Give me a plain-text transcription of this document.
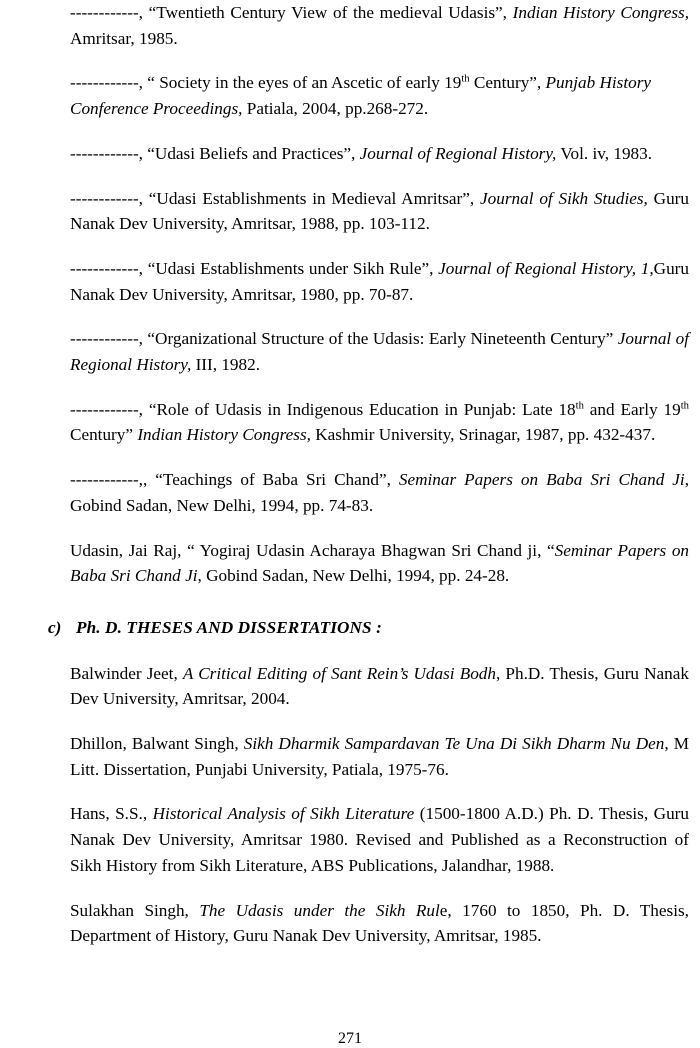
------------, “Twentieth Century View of the medieval Udasis”, Indian History Congress, Amritsar, 1985.

------------, “ Society in the eyes of an Ascetic of early 19th Century”, Punjab History
Conference Proceedings, Patiala, 2004, pp.268-272.

------------, “Udasi Beliefs and Practices”, Journal of Regional History, Vol. iv, 1983.

------------, “Udasi Establishments in Medieval Amritsar”, Journal of Sikh Studies, Guru Nanak Dev University, Amritsar, 1988, pp. 103-112.

------------, “Udasi Establishments under Sikh Rule”, Journal of Regional History, 1,Guru Nanak Dev University, Amritsar, 1980, pp. 70-87.

------------, “Organizational Structure of the Udasis: Early Nineteenth Century” Journal of Regional History, III, 1982.

------------, “Role of Udasis in Indigenous Education in Punjab: Late 18th and Early 19th Century” Indian History Congress, Kashmir University, Srinagar, 1987, pp. 432-437.

------------,, “Teachings of Baba Sri Chand”, Seminar Papers on Baba Sri Chand Ji, Gobind Sadan, New Delhi, 1994, pp. 74-83.

Udasin, Jai Raj, “ Yogiraj Udasin Acharaya Bhagwan Sri Chand ji, “Seminar Papers on Baba Sri Chand Ji, Gobind Sadan, New Delhi, 1994, pp. 24-28.

c) Ph. D. THESES AND DISSERTATIONS :

Balwinder Jeet, A Critical Editing of Sant Rein’s Udasi Bodh, Ph.D. Thesis, Guru Nanak Dev University, Amritsar, 2004.

Dhillon, Balwant Singh, Sikh Dharmik Sampardavan Te Una Di Sikh Dharm Nu Den, M Litt. Dissertation, Punjabi University, Patiala, 1975-76.

Hans, S.S., Historical Analysis of Sikh Literature (1500-1800 A.D.) Ph. D. Thesis, Guru Nanak Dev University, Amritsar 1980. Revised and Published as a Reconstruction of Sikh History from Sikh Literature, ABS Publications, Jalandhar, 1988.

Sulakhan Singh, The Udasis under the Sikh Rule, 1760 to 1850, Ph. D. Thesis, Department of History, Guru Nanak Dev University, Amritsar, 1985.

271
